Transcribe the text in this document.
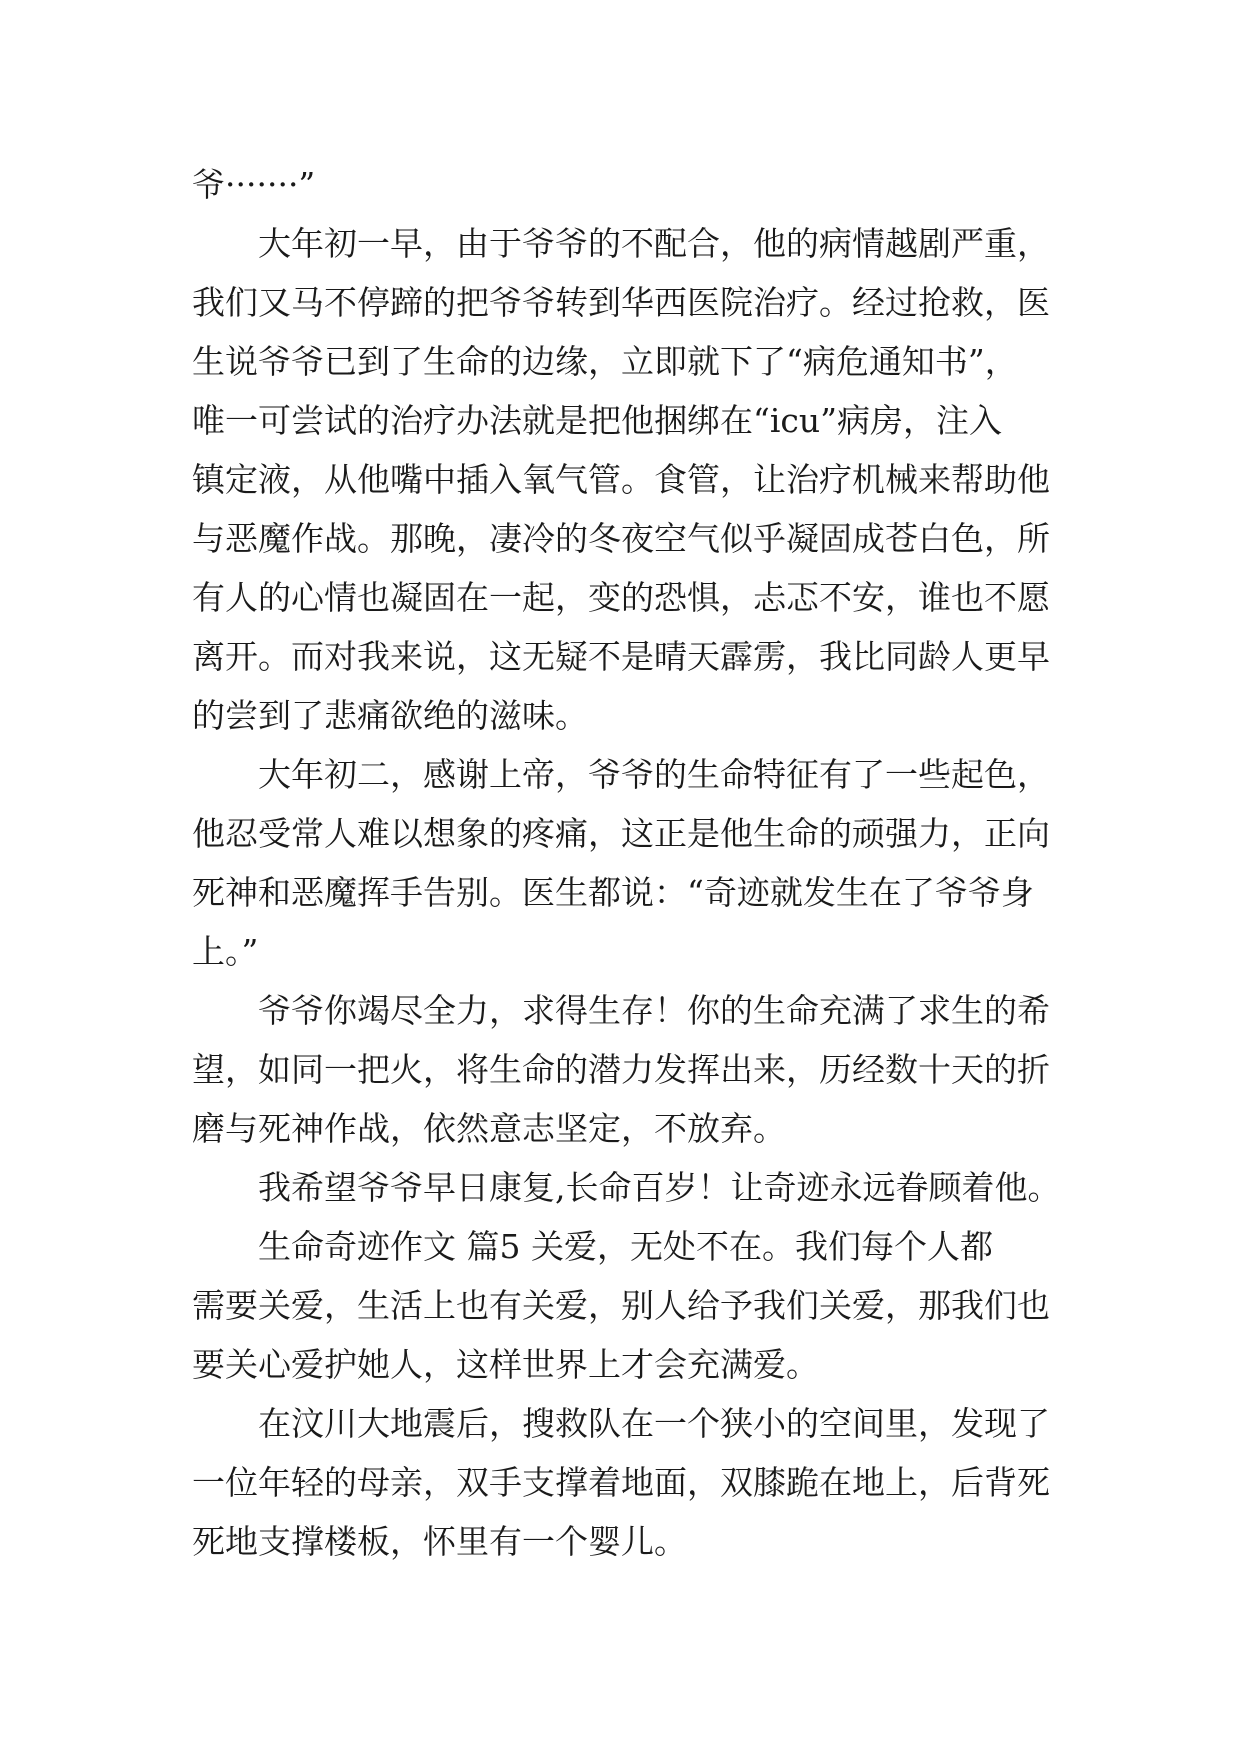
爷·······”
大年初一早，由于爷爷的不配合，他的病情越剧严重，
我们又马不停蹄的把爷爷转到华西医院治疗。经过抢救，医
生说爷爷已到了生命的边缘，立即就下了“病危通知书”，
唯一可尝试的治疗办法就是把他捆绑在“icu”病房，注入
镇定液，从他嘴中插入氧气管。食管，让治疗机械来帮助他
与恶魔作战。那晚，凄冷的冬夜空气似乎凝固成苍白色，所
有人的心情也凝固在一起，变的恐惧，忐忑不安，谁也不愿
离开。而对我来说，这无疑不是晴天霹雳，我比同龄人更早
的尝到了悲痛欲绝的滋味。
大年初二，感谢上帝，爷爷的生命特征有了一些起色，
他忍受常人难以想象的疼痛，这正是他生命的顽强力，正向
死神和恶魔挥手告别。医生都说：“奇迹就发生在了爷爷身
上。”
爷爷你竭尽全力，求得生存！你的生命充满了求生的希
望，如同一把火，将生命的潜力发挥出来，历经数十天的折
磨与死神作战，依然意志坚定，不放弃。
我希望爷爷早日康复,长命百岁！让奇迹永远眷顾着他。
生命奇迹作文 篇5 关爱，无处不在。我们每个人都
需要关爱，生活上也有关爱，别人给予我们关爱，那我们也
要关心爱护她人，这样世界上才会充满爱。
在汶川大地震后，搜救队在一个狭小的空间里，发现了
一位年轻的母亲，双手支撑着地面，双膝跪在地上，后背死
死地支撑楼板，怀里有一个婴儿。
